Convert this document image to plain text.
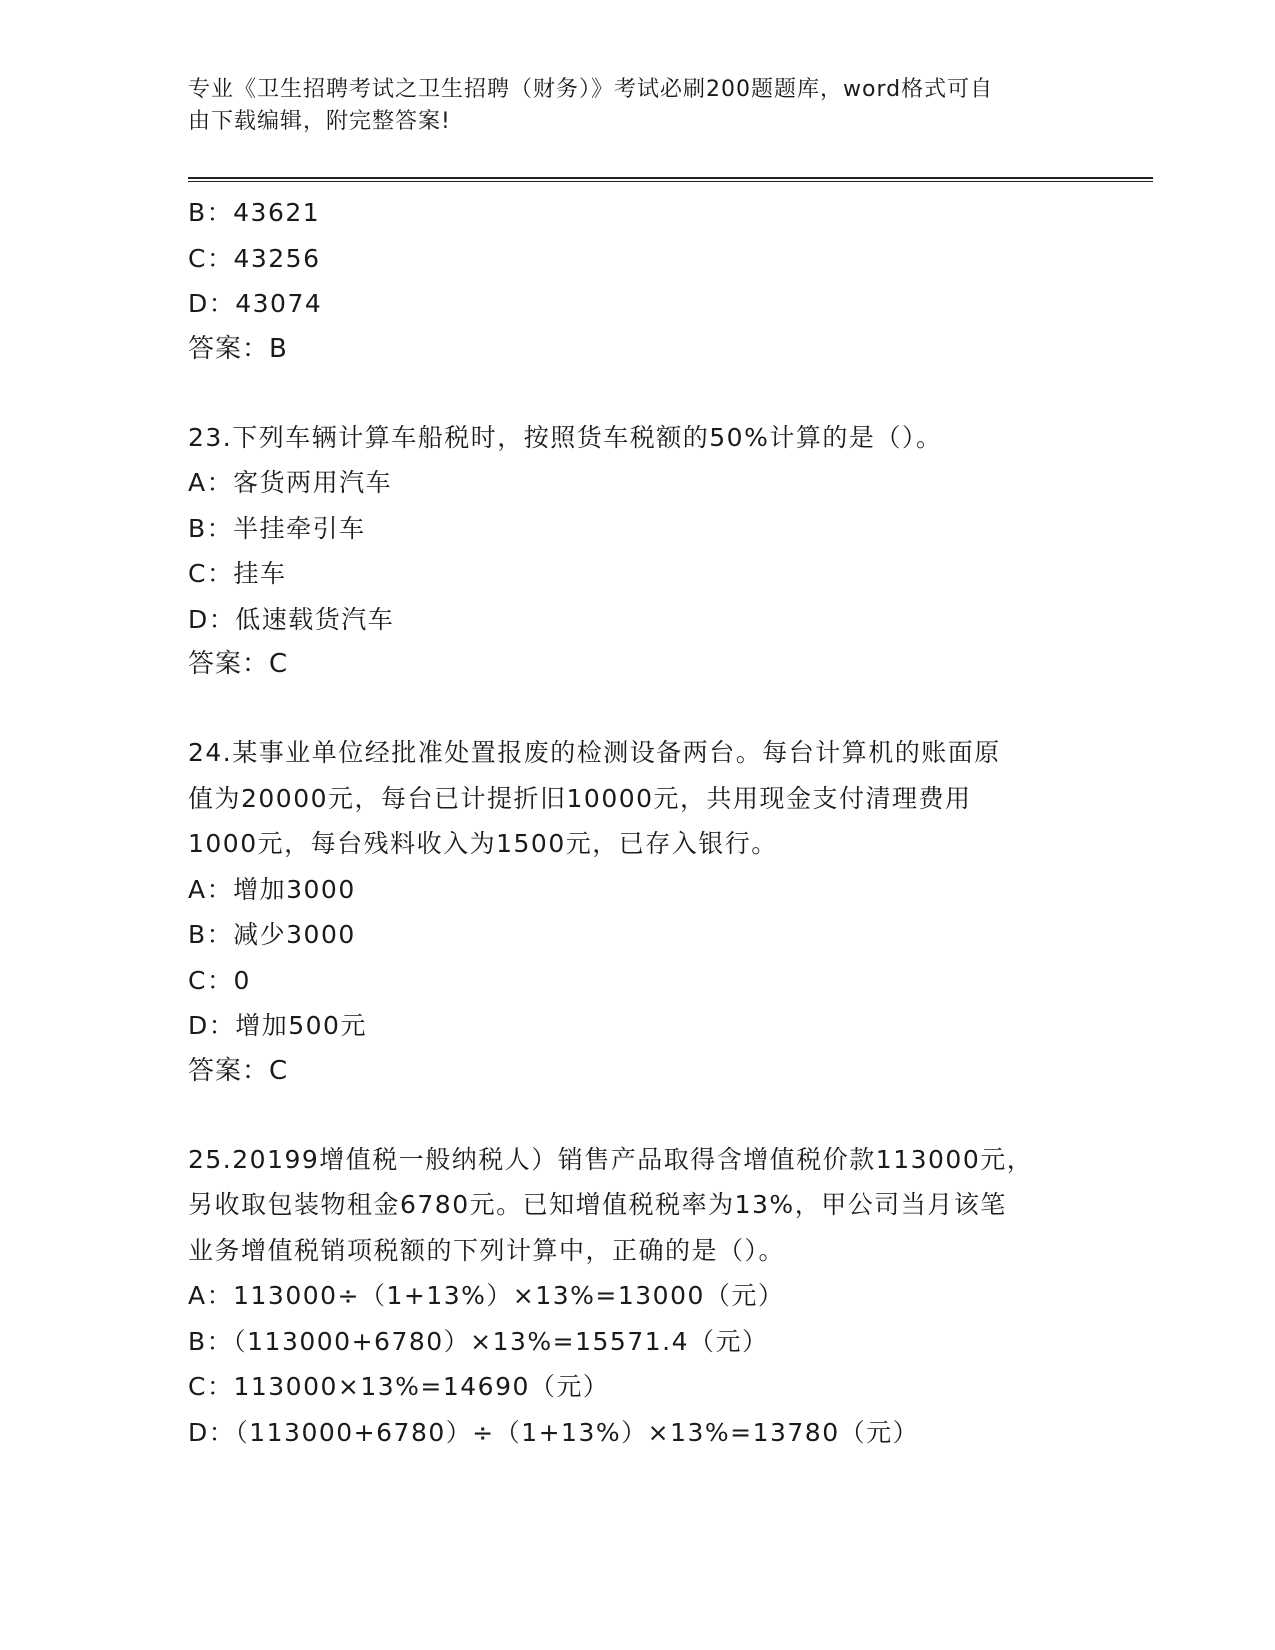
专业《卫生招聘考试之卫生招聘（财务）》考试必刷200题题库，word格式可自
由下载编辑，附完整答案!
B：43621
C：43256
D：43074
答案：B
23.下列车辆计算车船税时，按照货车税额的50%计算的是（）。
A：客货两用汽车
B：半挂牵引车
C：挂车
D：低速载货汽车
答案：C
24.某事业单位经批准处置报废的检测设备两台。每台计算机的账面原
值为20000元，每台已计提折旧10000元，共用现金支付清理费用
1000元，每台残料收入为1500元，已存入银行。
A：增加3000
B：减少3000
C：0
D：增加500元
答案：C
25.20199增值税一般纳税人）销售产品取得含增值税价款113000元，
另收取包装物租金6780元。已知增值税税率为13%，甲公司当月该笔
业务增值税销项税额的下列计算中，正确的是（）。
A：113000÷（1+13%）×13%=13000（元）
B：（113000+6780）×13%=15571.4（元）
C：113000×13%=14690（元）
D：（113000+6780）÷（1+13%）×13%=13780（元）
